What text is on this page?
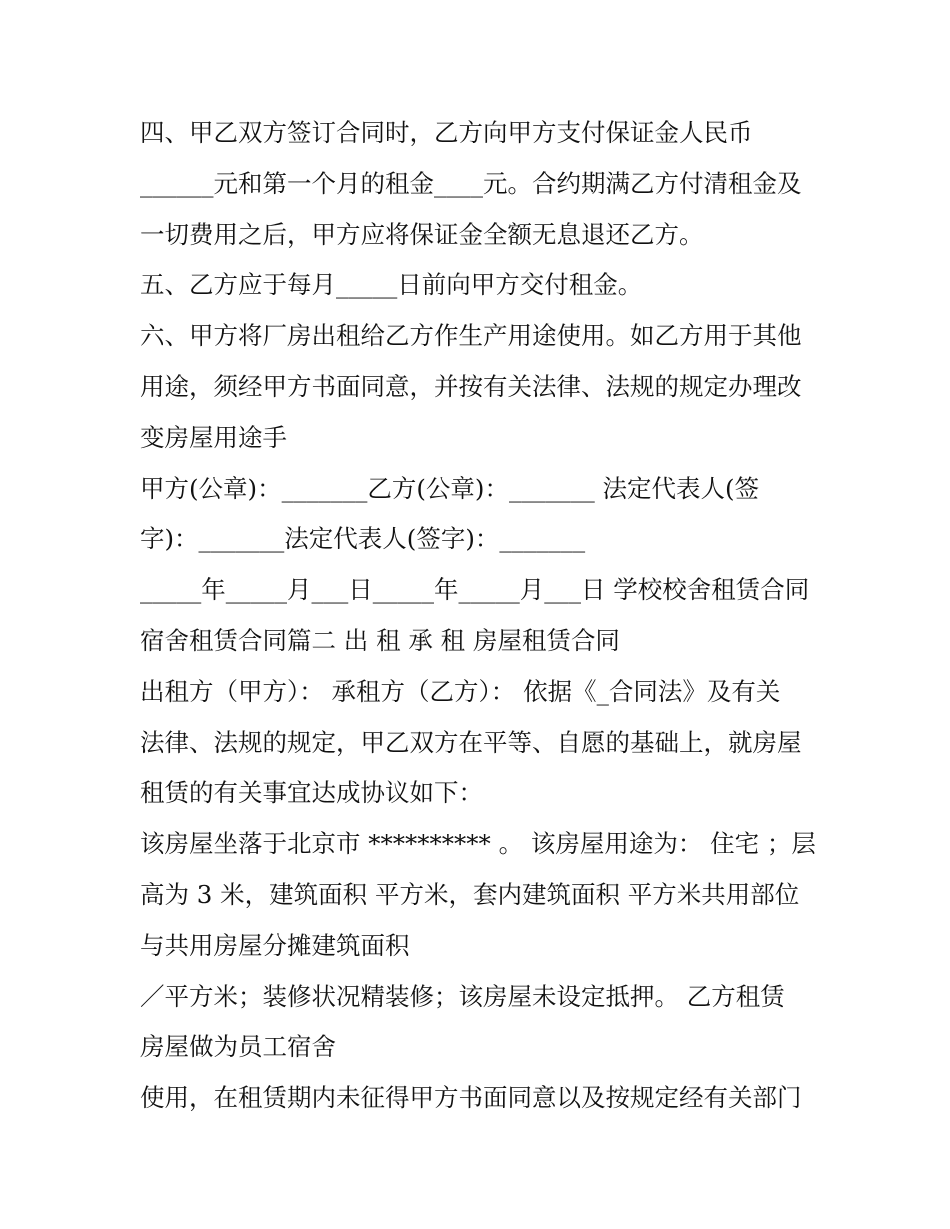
四、甲乙双方签订合同时，乙方向甲方支付保证金人民币
______元和第一个月的租金____元。合约期满乙方付清租金及
一切费用之后，甲方应将保证金全额无息退还乙方。
五、乙方应于每月_____日前向甲方交付租金。
六、甲方将厂房出租给乙方作生产用途使用。如乙方用于其他
用途，须经甲方书面同意，并按有关法律、法规的规定办理改
变房屋用途手
甲方(公章)：_______乙方(公章)：_______ 法定代表人(签
字)：_______法定代表人(签字)：_______
_____年_____月___日_____年_____月___日 学校校舍租赁合同
宿舍租赁合同篇二 出 租 承 租 房屋租赁合同
出租方（甲方）： 承租方（乙方）： 依据《_合同法》及有关
法律、法规的规定，甲乙双方在平等、自愿的基础上，就房屋
租赁的有关事宜达成协议如下：
该房屋坐落于北京市 ********** 。 该房屋用途为： 住宅 ；层
高为 3 米，建筑面积 平方米，套内建筑面积 平方米共用部位
与共用房屋分摊建筑面积
／平方米；装修状况精装修；该房屋未设定抵押。 乙方租赁
房屋做为员工宿舍
使用，在租赁期内未征得甲方书面同意以及按规定经有关部门
